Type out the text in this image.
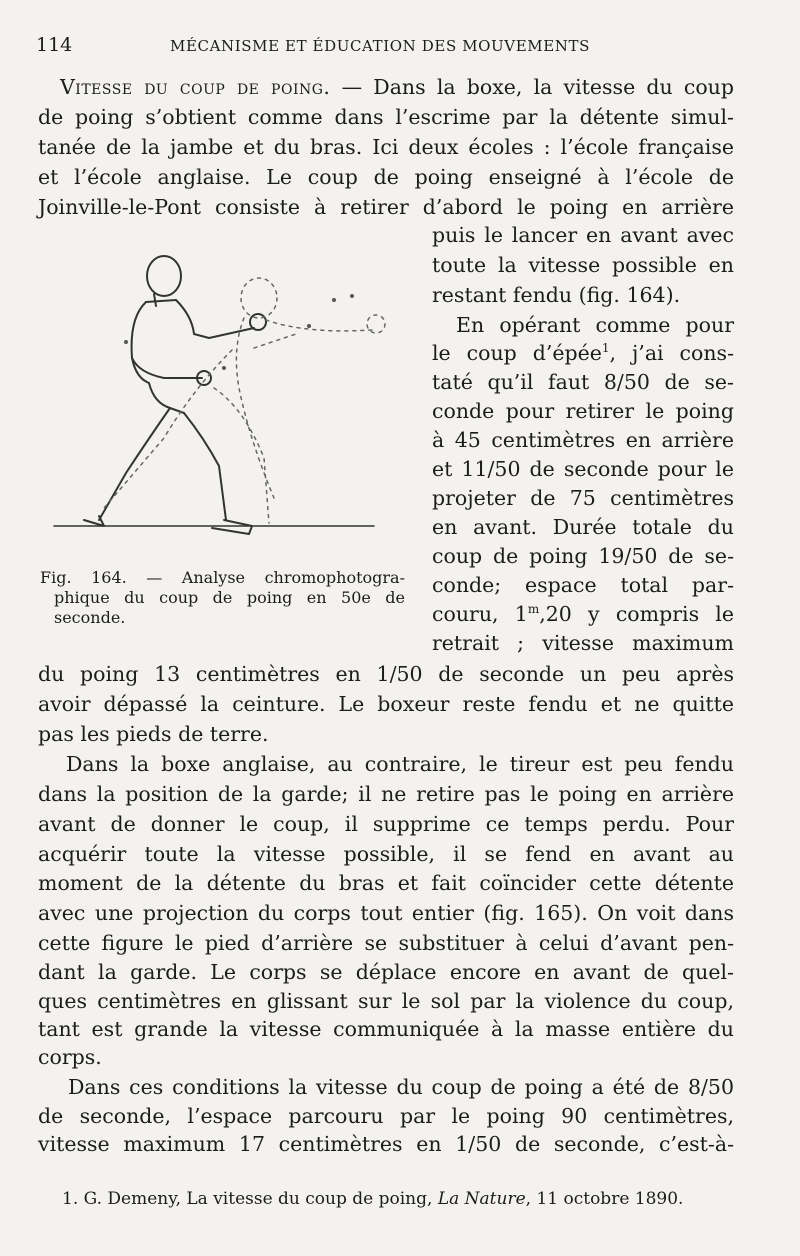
114	MÉCANISME ET ÉDUCATION DES MOUVEMENTS
Vitesse du coup de poing. — Dans la boxe, la vitesse du coup
de poing s’obtient comme dans l’escrime par la détente simul-
tanée de la jambe et du bras. Ici deux écoles : l’école française
et l’école anglaise. Le coup de poing enseigné à l’école de
Joinville-le-Pont consiste à retirer d’abord le poing en arrière
puis le lancer en avant avec
toute la vitesse possible en
restant fendu (fig. 164).
En opérant comme pour
le coup d’épée$^1$, j’ai cons-
taté qu’il faut 8/50 de se-
conde pour retirer le poing
à 45 centimètres en arrière
et 11/50 de seconde pour le
projeter de 75 centimètres
en avant. Durée totale du
coup de poing 19/50 de se-
conde; espace total par-
couru, 1$^m$,20 y compris le
retrait ; vitesse maximum
du poing 13 centimètres en 1/50 de seconde un peu après
avoir dépassé la ceinture. Le boxeur reste fendu et ne quitte
pas les pieds de terre.
Fig. 164. — Analyse chromophotogra-
phique du coup de poing en 50e de
seconde.
Dans la boxe anglaise, au contraire, le tireur est peu fendu
dans la position de la garde; il ne retire pas le poing en arrière
avant de donner le coup, il supprime ce temps perdu. Pour
acquérir toute la vitesse possible, il se fend en avant au
moment de la détente du bras et fait coïncider cette détente
avec une projection du corps tout entier (fig. 165). On voit dans
cette figure le pied d’arrière se substituer à celui d’avant pen-
dant la garde. Le corps se déplace encore en avant de quel-
ques centimètres en glissant sur le sol par la violence du coup,
tant est grande la vitesse communiquée à la masse entière du
corps.
Dans ces conditions la vitesse du coup de poing a été de 8/50
de seconde, l’espace parcouru par le poing 90 centimètres,
vitesse maximum 17 centimètres en 1/50 de seconde, c’est-à-
1. G. Demeny, La vitesse du coup de poing, La Nature, 11 octobre 1890.
